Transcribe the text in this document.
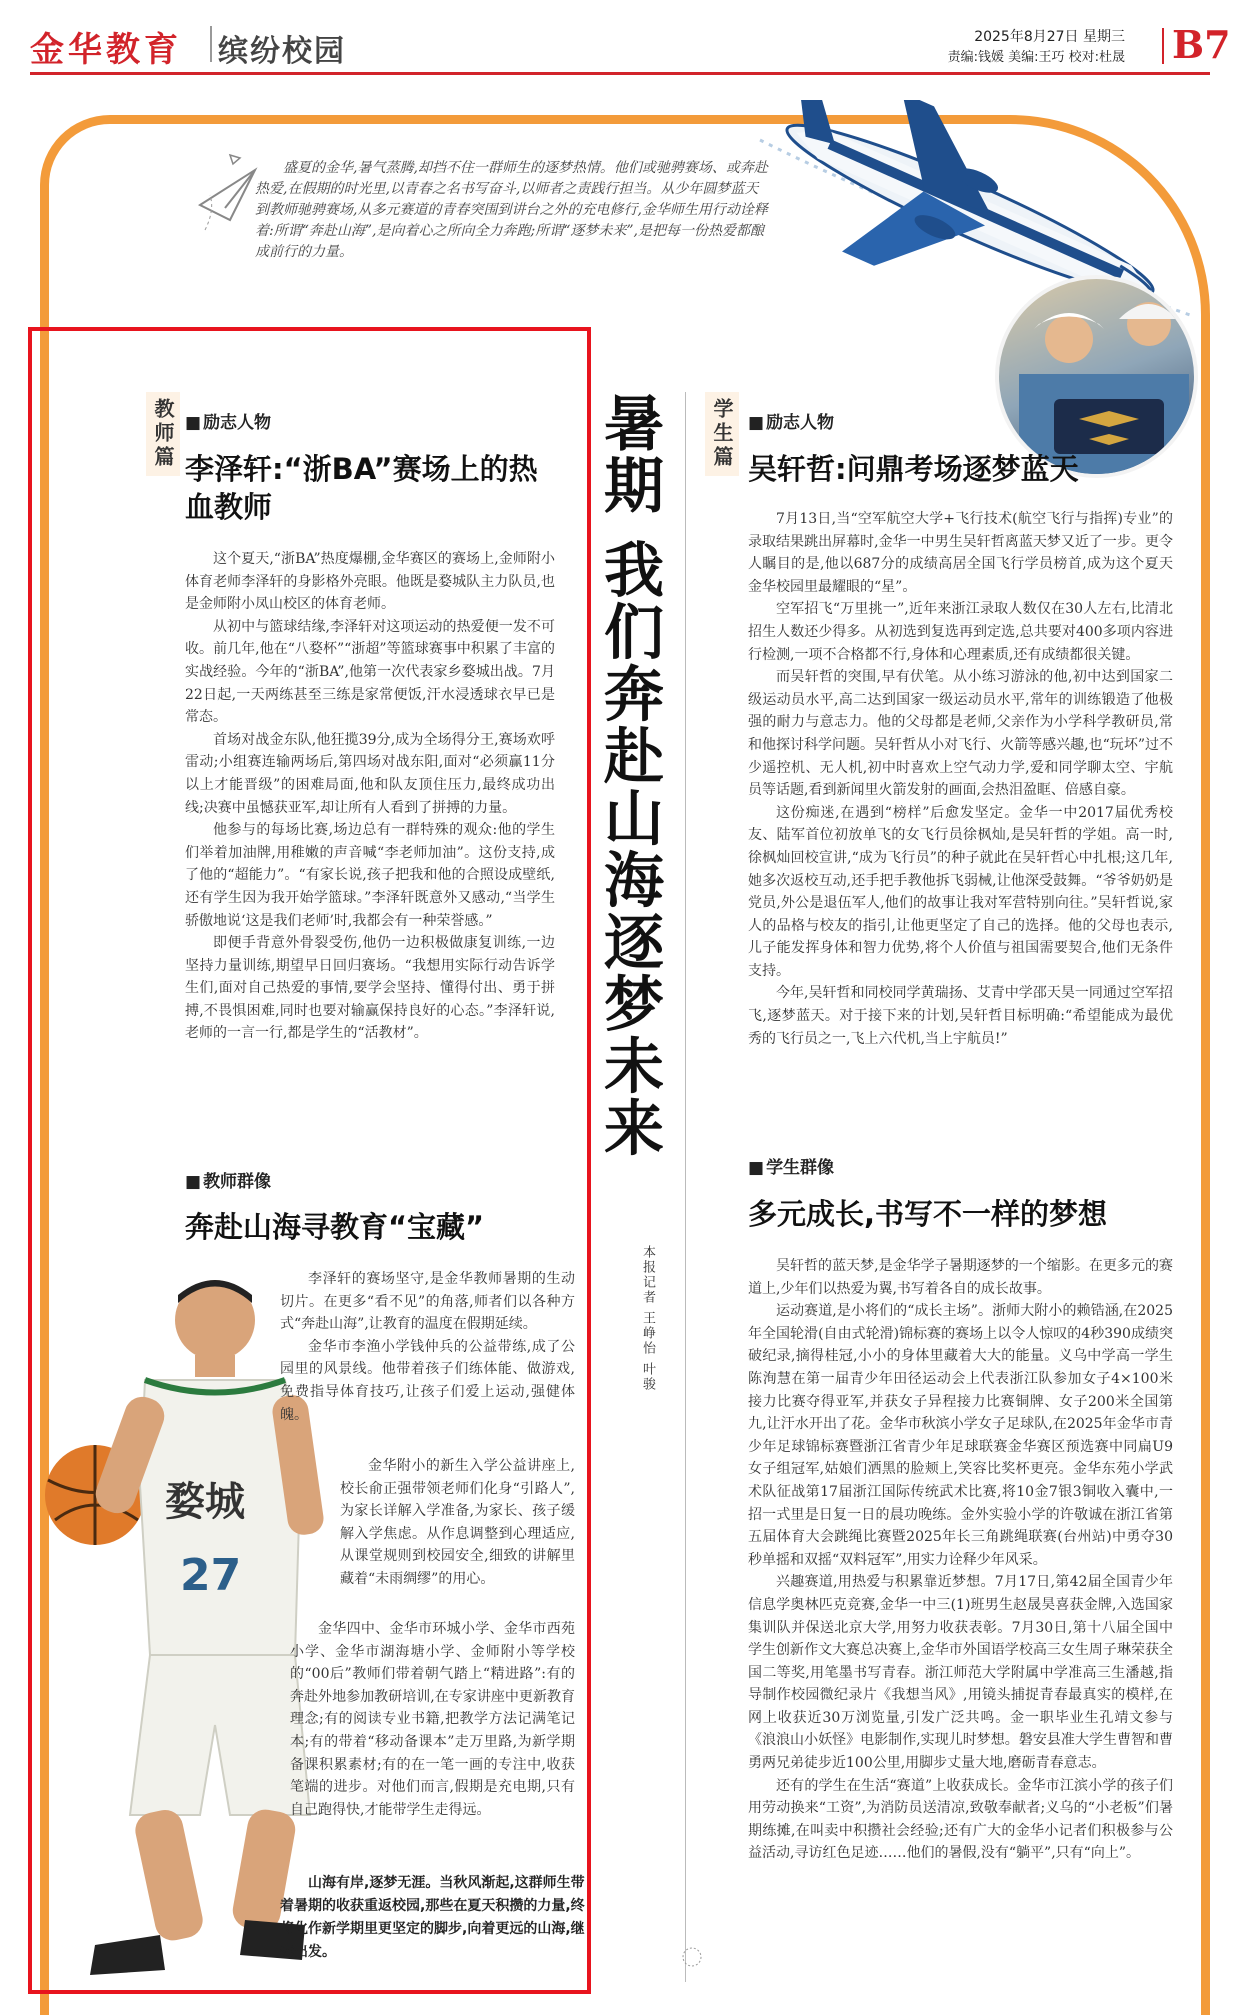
金华教育 缤纷校园	2025年8月27日 星期三
责编:钱媛 美编:王巧 校对:杜晟 B7
盛夏的金华,暑气蒸腾,却挡不住一群师生的逐梦热情。他们或驰骋赛场、或奔赴热爱,在假期的时光里,以青春之名书写奋斗,以师者之责践行担当。从少年圆梦蓝天到教师驰骋赛场,从多元赛道的青春突围到讲台之外的充电修行,金华师生用行动诠释着:所谓“奔赴山海”,是向着心之所向全力奔跑;所谓“逐梦未来”,是把每一份热爱都酿成前行的力量。
教师篇	■ 励志人物
李泽轩:“浙BA”赛场上的热血教师

这个夏天,“浙BA”热度爆棚,金华赛区的赛场上,金师附小体育老师李泽轩的身影格外亮眼。他既是婺城队主力队员,也是金师附小凤山校区的体育老师。

从初中与篮球结缘,李泽轩对这项运动的热爱便一发不可收。前几年,他在“八婺杯”“浙超”等篮球赛事中积累了丰富的实战经验。今年的“浙BA”,他第一次代表家乡婺城出战。7月22日起,一天两练甚至三练是家常便饭,汗水浸透球衣早已是常态。

首场对战金东队,他狂揽39分,成为全场得分王,赛场欢呼雷动;小组赛连输两场后,第四场对战东阳,面对“必须赢11分以上才能晋级”的困难局面,他和队友顶住压力,最终成功出线;决赛中虽憾获亚军,却让所有人看到了拼搏的力量。

他参与的每场比赛,场边总有一群特殊的观众:他的学生们举着加油牌,用稚嫩的声音喊“李老师加油”。这份支持,成了他的“超能力”。“有家长说,孩子把我和他的合照设成壁纸,还有学生因为我开始学篮球。”李泽轩既意外又感动,“当学生骄傲地说‘这是我们老师’时,我都会有一种荣誉感。”

即便手背意外骨裂受伤,他仍一边积极做康复训练,一边坚持力量训练,期望早日回归赛场。“我想用实际行动告诉学生们,面对自己热爱的事情,要学会坚持、懂得付出、勇于拼搏,不畏惧困难,同时也要对输赢保持良好的心态。”李泽轩说,老师的一言一行,都是学生的“活教材”。

■ 教师群像
奔赴山海寻教育“宝藏”
婺城
27

李泽轩的赛场坚守,是金华教师暑期的生动切片。在更多“看不见”的角落,师者们以各种方式“奔赴山海”,让教育的温度在假期延续。

金华市李渔小学钱仲兵的公益带练,成了公园里的风景线。他带着孩子们练体能、做游戏,免费指导体育技巧,让孩子们爱上运动,强健体魄。

金华附小的新生入学公益讲座上,校长俞正强带领老师们化身“引路人”,为家长详解入学准备,为家长、孩子缓解入学焦虑。从作息调整到心理适应,从课堂规则到校园安全,细致的讲解里藏着“未雨绸缪”的用心。

金华四中、金华市环城小学、金华市西苑小学、金华市湖海塘小学、金师附小等学校的“00后”教师们带着朝气踏上“精进路”:有的奔赴外地参加教研培训,在专家讲座中更新教育理念;有的阅读专业书籍,把教学方法记满笔记本;有的带着“移动备课本”走万里路,为新学期备课积累素材;有的在一笔一画的专注中,收获笔端的进步。对他们而言,假期是充电期,只有自己跑得快,才能带学生走得远。

山海有岸,逐梦无涯。当秋风渐起,这群师生带着暑期的收获重返校园,那些在夏天积攒的力量,终将化作新学期里更坚定的脚步,向着更远的山海,继续出发。
暑期 我们奔赴山海逐梦未来
本报记者 王峥怡 叶骏
学生篇	■ 励志人物
吴轩哲:问鼎考场逐梦蓝天

7月13日,当“空军航空大学+飞行技术(航空飞行与指挥)专业”的录取结果跳出屏幕时,金华一中男生吴轩哲离蓝天梦又近了一步。更令人瞩目的是,他以687分的成绩高居全国飞行学员榜首,成为这个夏天金华校园里最耀眼的“星”。

空军招飞“万里挑一”,近年来浙江录取人数仅在30人左右,比清北招生人数还少得多。从初选到复选再到定选,总共要对400多项内容进行检测,一项不合格都不行,身体和心理素质,还有成绩都很关键。

而吴轩哲的突围,早有伏笔。从小练习游泳的他,初中达到国家二级运动员水平,高二达到国家一级运动员水平,常年的训练锻造了他极强的耐力与意志力。他的父母都是老师,父亲作为小学科学教研员,常和他探讨科学问题。吴轩哲从小对飞行、火箭等感兴趣,也“玩坏”过不少遥控机、无人机,初中时喜欢上空气动力学,爱和同学聊太空、宇航员等话题,看到新闻里火箭发射的画面,会热泪盈眶、倍感自豪。

这份痴迷,在遇到“榜样”后愈发坚定。金华一中2017届优秀校友、陆军首位初放单飞的女飞行员徐枫灿,是吴轩哲的学姐。高一时,徐枫灿回校宣讲,“成为飞行员”的种子就此在吴轩哲心中扎根;这几年,她多次返校互动,还手把手教他拆飞弱械,让他深受鼓舞。“爷爷奶奶是党员,外公是退伍军人,他们的故事让我对军营特别向往。”吴轩哲说,家人的品格与校友的指引,让他更坚定了自己的选择。他的父母也表示,儿子能发挥身体和智力优势,将个人价值与祖国需要契合,他们无条件支持。

今年,吴轩哲和同校同学黄瑞扬、艾青中学邵天昊一同通过空军招飞,逐梦蓝天。对于接下来的计划,吴轩哲目标明确:“希望能成为最优秀的飞行员之一,飞上六代机,当上宇航员!”

■ 学生群像
多元成长,书写不一样的梦想

吴轩哲的蓝天梦,是金华学子暑期逐梦的一个缩影。在更多元的赛道上,少年们以热爱为翼,书写着各自的成长故事。

运动赛道,是小将们的“成长主场”。浙师大附小的赖锆涵,在2025年全国轮滑(自由式轮滑)锦标赛的赛场上以令人惊叹的4秒390成绩突破纪录,摘得桂冠,小小的身体里藏着大大的能量。义乌中学高一学生陈洵慧在第一届青少年田径运动会上代表浙江队参加女子4×100米接力比赛夺得亚军,并获女子异程接力比赛铜牌、女子200米全国第九,让汗水开出了花。金华市秋滨小学女子足球队,在2025年金华市青少年足球锦标赛暨浙江省青少年足球联赛金华赛区预选赛中同扁U9女子组冠军,姑娘们洒黑的脸颊上,笑容比奖杯更亮。金华东苑小学武术队征战第17届浙江国际传统武术比赛,将10金7银3铜收入囊中,一招一式里是日复一日的晨功晚练。金外实验小学的许敬诚在浙江省第五届体育大会跳绳比赛暨2025年长三角跳绳联赛(台州站)中勇夺30秒单摇和双摇“双料冠军”,用实力诠释少年风采。

兴趣赛道,用热爱与积累靠近梦想。7月17日,第42届全国青少年信息学奥林匹克竞赛,金华一中三(1)班男生赵晟昊喜获金牌,入选国家集训队并保送北京大学,用努力收获表彰。7月30日,第十八届全国中学生创新作文大赛总决赛上,金华市外国语学校高三女生周子琳荣获全国二等奖,用笔墨书写青春。浙江师范大学附属中学准高三生潘越,指导制作校园微纪录片《我想当风》,用镜头捕捉青春最真实的模样,在网上收获近30万浏览量,引发广泛共鸣。金一职毕业生孔靖文参与《浪浪山小妖怪》电影制作,实现儿时梦想。磐安县准大学生曹智和曹勇两兄弟徒步近100公里,用脚步丈量大地,磨砺青春意志。

还有的学生在生活“赛道”上收获成长。金华市江滨小学的孩子们用劳动换来“工资”,为消防员送清凉,致敬奉献者;义乌的“小老板”们暑期练摊,在叫卖中积攒社会经验;还有广大的金华小记者们积极参与公益活动,寻访红色足迹……他们的暑假,没有“躺平”,只有“向上”。
